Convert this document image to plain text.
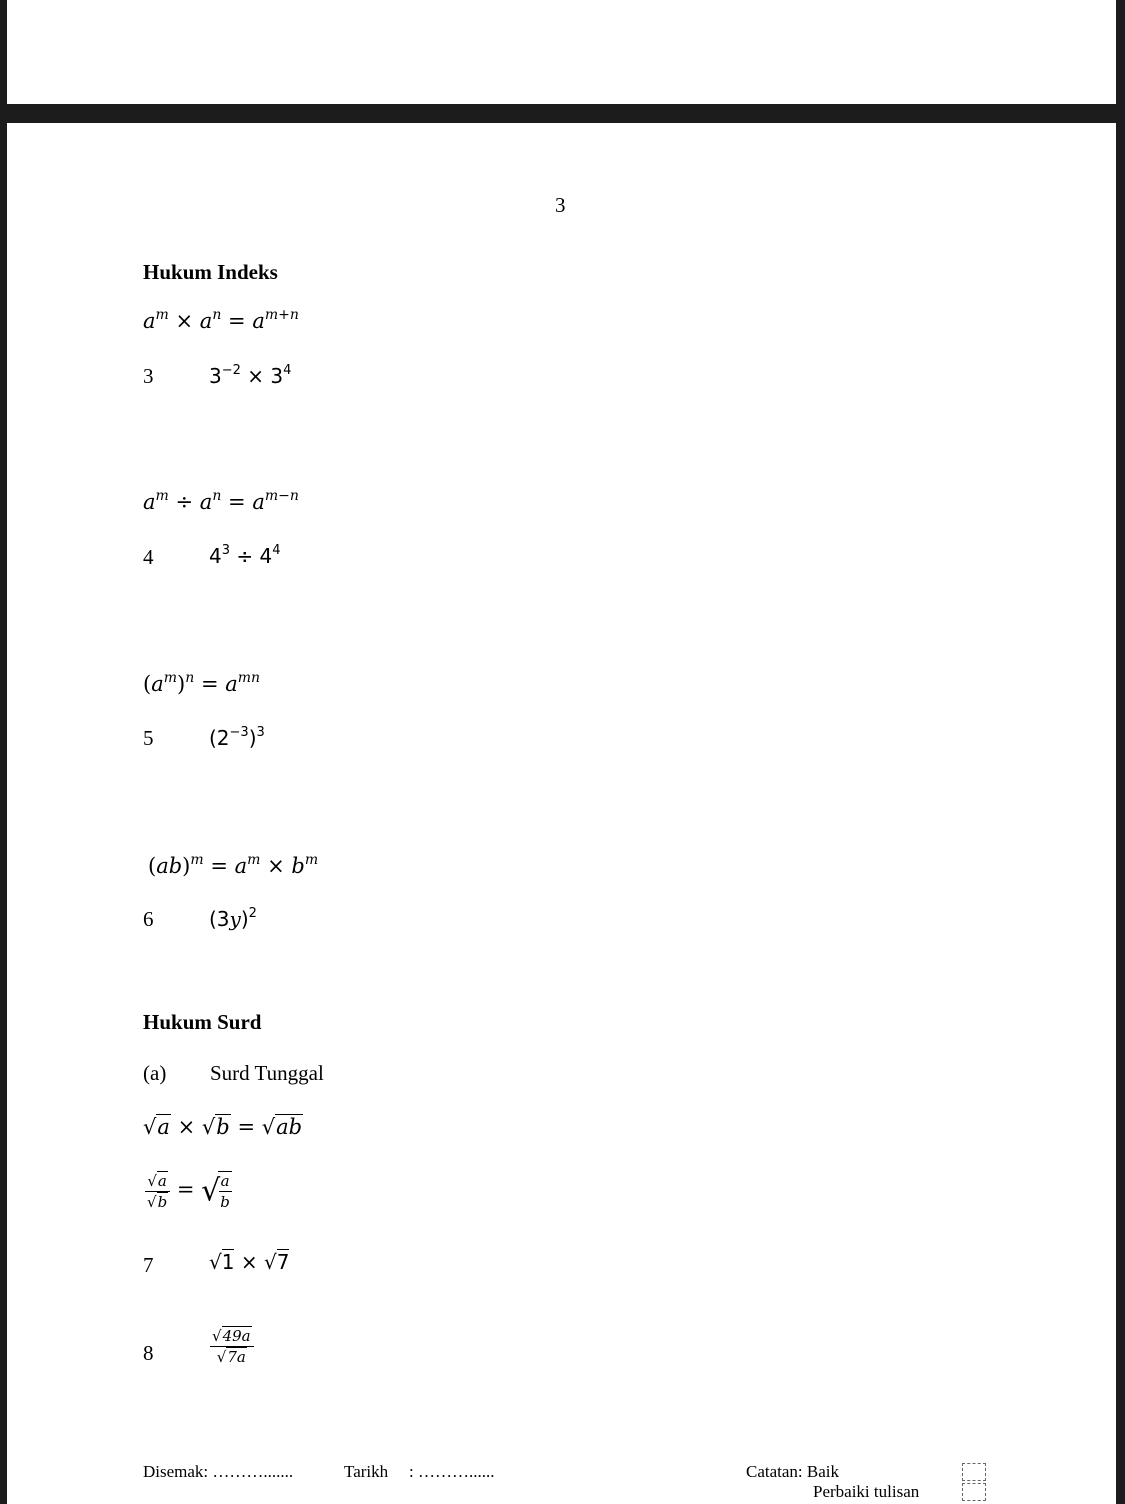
3
Hukum Indeks
$a^m \times a^n = a^{m+n}$
3	$3^{-2} \times 3^4$
$a^m \div a^n = a^{m-n}$
4	$4^3 \div 4^4$
$(a^m)^n = a^{mn}$
5	$(2^{-3})^3$
$(ab)^m = a^m \times b^m$
6	$(3y)^2$
Hukum Surd
(a) Surd Tunggal
√a × √b = √ab
$\frac{√a}{√b}$ = √
$\frac{a}{b}$
7	√1 × √7
8	$\frac{√49a}{√7a}$
Disemak: ……….......	Tarikh : ………......	Catatan: Baik
Perbaiki tulisan
